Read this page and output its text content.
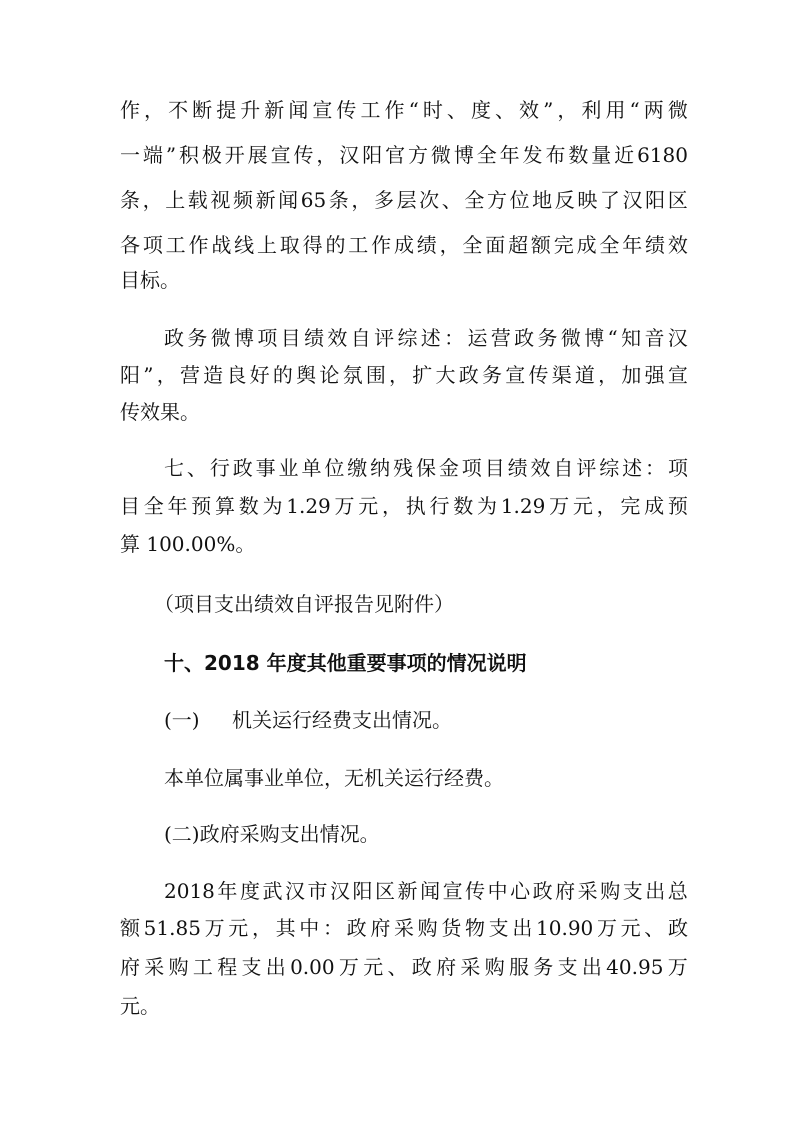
作 ， 不 断 提 升 新 闻 宣 传 工 作 “ 时 、 度 、 效 ” ， 利 用 “ 两 微

一 端 ” 积 极 开 展 宣 传 ， 汉 阳 官 方 微 博 全 年 发 布 数 量 近 6180

条 ， 上 载 视 频 新 闻 65 条 ， 多 层 次 、 全 方 位 地 反 映 了 汉 阳 区

各 项 工 作 战 线 上 取 得 的 工 作 成 绩 ， 全 面 超 额 完 成 全 年 绩 效

目标。

政 务 微 博 项 目 绩 效 自 评 综 述 ： 运 营 政 务 微 博 “ 知 音 汉

阳 ” ， 营 造 良 好 的 舆 论 氛 围 ， 扩 大 政 务 宣 传 渠 道 ， 加 强 宣

传效果。

七 、 行 政 事 业 单 位 缴 纳 残 保 金 项 目 绩 效 自 评 综 述 ： 项

目 全 年 预 算 数 为 1.29 万 元 ， 执 行 数 为 1.29 万 元 ， 完 成 预

算 100.00%。

（项目支出绩效自评报告见附件）

十、2018 年度其他重要事项的情况说明

(一) 机关运行经费支出情况。

本单位属事业单位，无机关运行经费。

(二)政府采购支出情况。

2018 年 度 武 汉 市 汉 阳 区 新 闻 宣 传 中 心 政 府 采 购 支 出 总

额 51.85 万 元 ， 其 中 ： 政 府 采 购 货 物 支 出 10.90 万 元 、 政

府 采 购 工 程 支 出 0.00 万 元 、 政 府 采 购 服 务 支 出 40.95 万

元。
